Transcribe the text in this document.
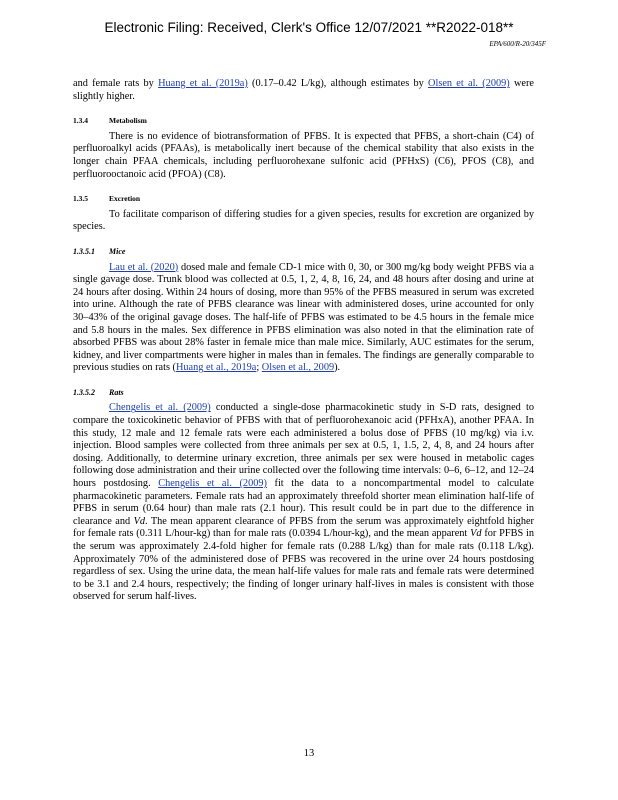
Electronic Filing: Received, Clerk's Office 12/07/2021 **R2022-018**
EPA/600/R-20/345F

and female rats by Huang et al. (2019a) (0.17–0.42 L/kg), although estimates by Olsen et al. (2009) were slightly higher.

1.3.4	Metabolism

There is no evidence of biotransformation of PFBS. It is expected that PFBS, a short-chain (C4) of perfluoroalkyl acids (PFAAs), is metabolically inert because of the chemical stability that also exists in the longer chain PFAA chemicals, including perfluorohexane sulfonic acid (PFHxS) (C6), PFOS (C8), and perfluorooctanoic acid (PFOA) (C8).

1.3.5	Excretion

To facilitate comparison of differing studies for a given species, results for excretion are organized by species.

1.3.5.1 Mice

Lau et al. (2020) dosed male and female CD-1 mice with 0, 30, or 300 mg/kg body weight PFBS via a single gavage dose. Trunk blood was collected at 0.5, 1, 2, 4, 8, 16, 24, and 48 hours after dosing and urine at 24 hours after dosing. Within 24 hours of dosing, more than 95% of the PFBS measured in serum was excreted into urine. Although the rate of PFBS clearance was linear with administered doses, urine accounted for only 30–43% of the original gavage doses. The half-life of PFBS was estimated to be 4.5 hours in the female mice and 5.8 hours in the males. Sex difference in PFBS elimination was also noted in that the elimination rate of absorbed PFBS was about 28% faster in female mice than male mice. Similarly, AUC estimates for the serum, kidney, and liver compartments were higher in males than in females. The findings are generally comparable to previous studies on rats (Huang et al., 2019a; Olsen et al., 2009).

1.3.5.2 Rats

Chengelis et al. (2009) conducted a single-dose pharmacokinetic study in S-D rats, designed to compare the toxicokinetic behavior of PFBS with that of perfluorohexanoic acid (PFHxA), another PFAA. In this study, 12 male and 12 female rats were each administered a bolus dose of PFBS (10 mg/kg) via i.v. injection. Blood samples were collected from three animals per sex at 0.5, 1, 1.5, 2, 4, 8, and 24 hours after dosing. Additionally, to determine urinary excretion, three animals per sex were housed in metabolic cages following dose administration and their urine collected over the following time intervals: 0–6, 6–12, and 12–24 hours postdosing. Chengelis et al. (2009) fit the data to a noncompartmental model to calculate pharmacokinetic parameters. Female rats had an approximately threefold shorter mean elimination half-life of PFBS in serum (0.64 hour) than male rats (2.1 hour). This result could be in part due to the difference in clearance and Vd. The mean apparent clearance of PFBS from the serum was approximately eightfold higher for female rats (0.311 L/hour-kg) than for male rats (0.0394 L/hour-kg), and the mean apparent Vd for PFBS in the serum was approximately 2.4-fold higher for female rats (0.288 L/kg) than for male rats (0.118 L/kg). Approximately 70% of the administered dose of PFBS was recovered in the urine over 24 hours postdosing regardless of sex. Using the urine data, the mean half-life values for male rats and female rats were determined to be 3.1 and 2.4 hours, respectively; the finding of longer urinary half-lives in males is consistent with those observed for serum half-lives.

13
